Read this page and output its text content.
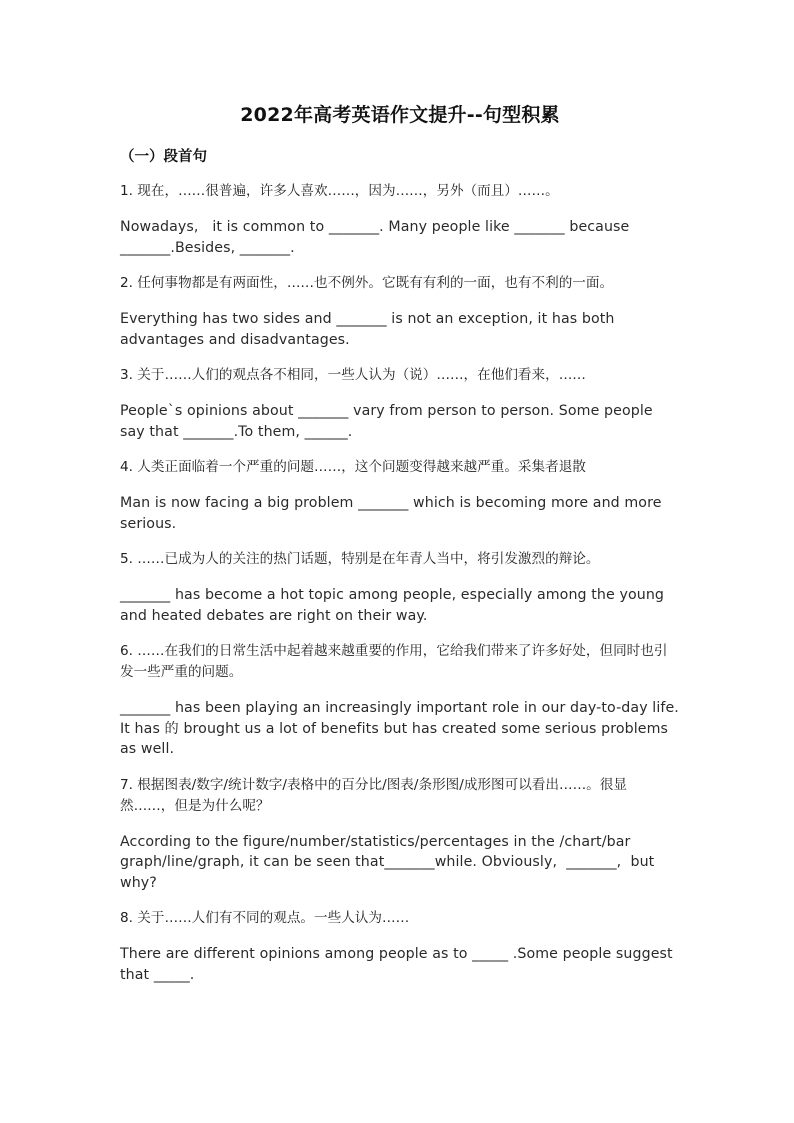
2022年高考英语作文提升--句型积累
（一）段首句
1. 现在，……很普遍，许多人喜欢……，因为……，另外（而且）……。
Nowadays,   it is common to _______. Many people like _______ because _______.Besides, _______.
2. 任何事物都是有两面性，……也不例外。它既有有利的一面，也有不利的一面。
Everything has two sides and _______ is not an exception, it has both advantages and disadvantages.
3. 关于……人们的观点各不相同，一些人认为（说）……，在他们看来，……
People`s opinions about _______ vary from person to person. Some people say that _______.To them, ______.
4. 人类正面临着一个严重的问题……，这个问题变得越来越严重。采集者退散
Man is now facing a big problem _______ which is becoming more and more serious.
5. ……已成为人的关注的热门话题，特别是在年青人当中，将引发激烈的辩论。
_______ has become a hot topic among people, especially among the young and heated debates are right on their way.
6. ……在我们的日常生活中起着越来越重要的作用，它给我们带来了许多好处，但同时也引发一些严重的问题。
_______ has been playing an increasingly important role in our day-to-day life. It has 的 brought us a lot of benefits but has created some serious problems as well.
7. 根据图表/数字/统计数字/表格中的百分比/图表/条形图/成形图可以看出……。很显然……，但是为什么呢？
According to the figure/number/statistics/percentages in the /chart/bar graph/line/graph, it can be seen that_______while. Obviously,  _______,  but why?
8. 关于……人们有不同的观点。一些人认为……
There are different opinions among people as to _____ .Some people suggest that _____.
